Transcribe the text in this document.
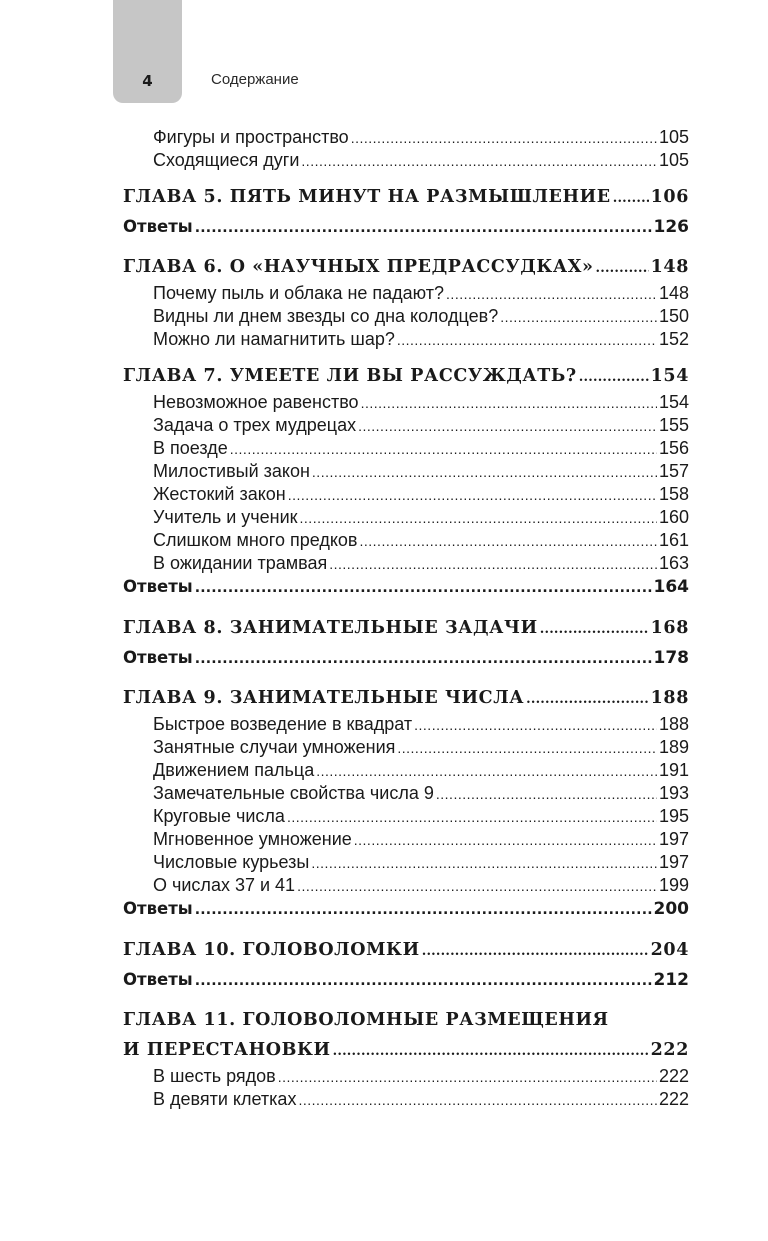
4	Содержание
Фигуры и пространство .....	105
Сходящиеся дуги .....	105
ГЛАВА 5. ПЯТЬ МИНУТ НА РАЗМЫШЛЕНИЕ ..... 106
Ответы .....	126
ГЛАВА 6. О «НАУЧНЫХ ПРЕДРАССУДКАХ» .....	148
Почему пыль и облака не падают? .....	148
Видны ли днем звезды со дна колодцев? .....	150
Можно ли намагнитить шар? .....	152
ГЛАВА 7. УМЕЕТЕ ЛИ ВЫ РАССУЖДАТЬ? .....	154
Невозможное равенство .....	154
Задача о трех мудрецах .....	155
В поезде .....	156
Милостивый закон .....	157
Жестокий закон .....	158
Учитель и ученик .....	160
Слишком много предков .....	161
В ожидании трамвая .....	163
Ответы .....	164
ГЛАВА 8. ЗАНИМАТЕЛЬНЫЕ ЗАДАЧИ .....	168
Ответы .....	178
ГЛАВА 9. ЗАНИМАТЕЛЬНЫЕ ЧИСЛА .....	188
Быстрое возведение в квадрат .....	188
Занятные случаи умножения .....	189
Движением пальца .....	191
Замечательные свойства числа 9 .....	193
Круговые числа .....	195
Мгновенное умножение .....	197
Числовые курьезы .....	197
О числах 37 и 41 .....	199
Ответы .....	200
ГЛАВА 10. ГОЛОВОЛОМКИ .....	204
Ответы .....	212
ГЛАВА 11. ГОЛОВОЛОМНЫЕ РАЗМЕЩЕНИЯ
И ПЕРЕСТАНОВКИ .....	222
В шесть рядов .....	222
В девяти клетках .....	222
